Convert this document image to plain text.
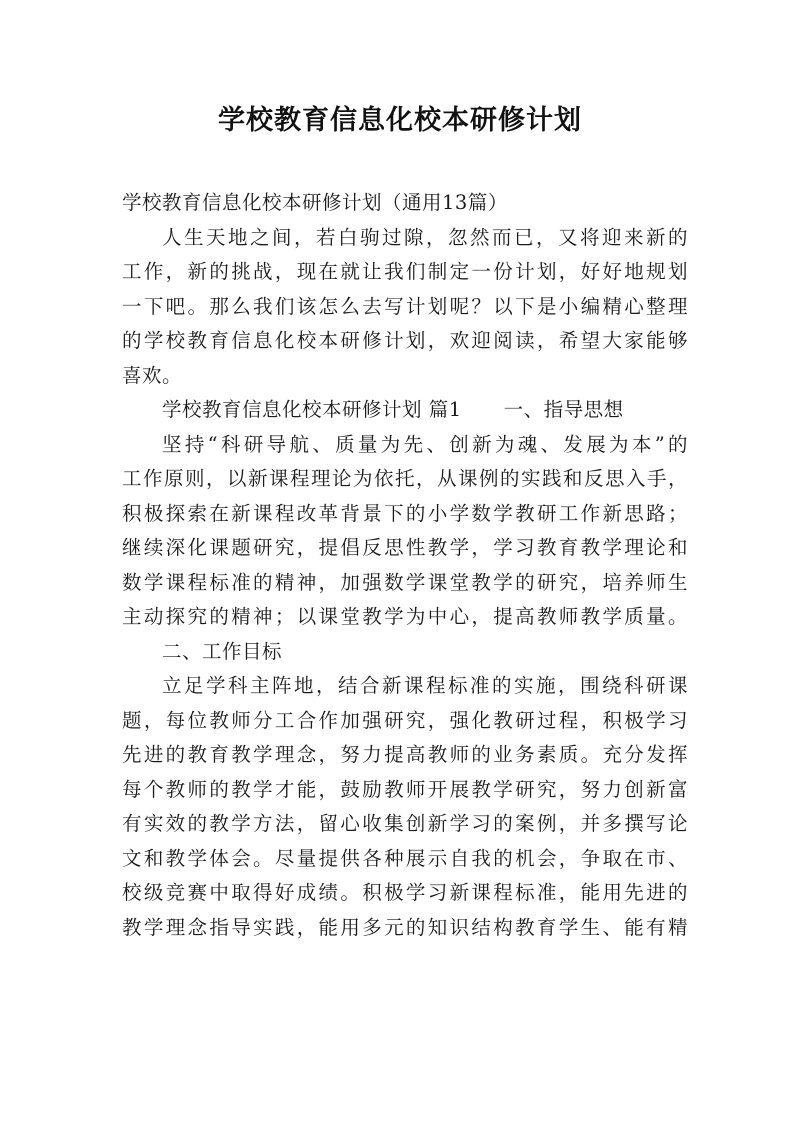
学校教育信息化校本研修计划
学校教育信息化校本研修计划（通用13篇）
人生天地之间，若白驹过隙，忽然而已，又将迎来新的
工作，新的挑战，现在就让我们制定一份计划，好好地规划
一下吧。那么我们该怎么去写计划呢？以下是小编精心整理
的学校教育信息化校本研修计划，欢迎阅读，希望大家能够
喜欢。
学校教育信息化校本研修计划 篇1 一、指导思想
坚持“科研导航、质量为先、创新为魂、发展为本”的
工作原则，以新课程理论为依托，从课例的实践和反思入手，
积极探索在新课程改革背景下的小学数学教研工作新思路；
继续深化课题研究，提倡反思性教学，学习教育教学理论和
数学课程标准的精神，加强数学课堂教学的研究，培养师生
主动探究的精神；以课堂教学为中心，提高教师教学质量。
二、工作目标
立足学科主阵地，结合新课程标准的实施，围绕科研课
题，每位教师分工合作加强研究，强化教研过程，积极学习
先进的教育教学理念，努力提高教师的业务素质。充分发挥
每个教师的教学才能，鼓励教师开展教学研究，努力创新富
有实效的教学方法，留心收集创新学习的案例，并多撰写论
文和教学体会。尽量提供各种展示自我的机会，争取在市、
校级竞赛中取得好成绩。积极学习新课程标准，能用先进的
教学理念指导实践，能用多元的知识结构教育学生、能有精
